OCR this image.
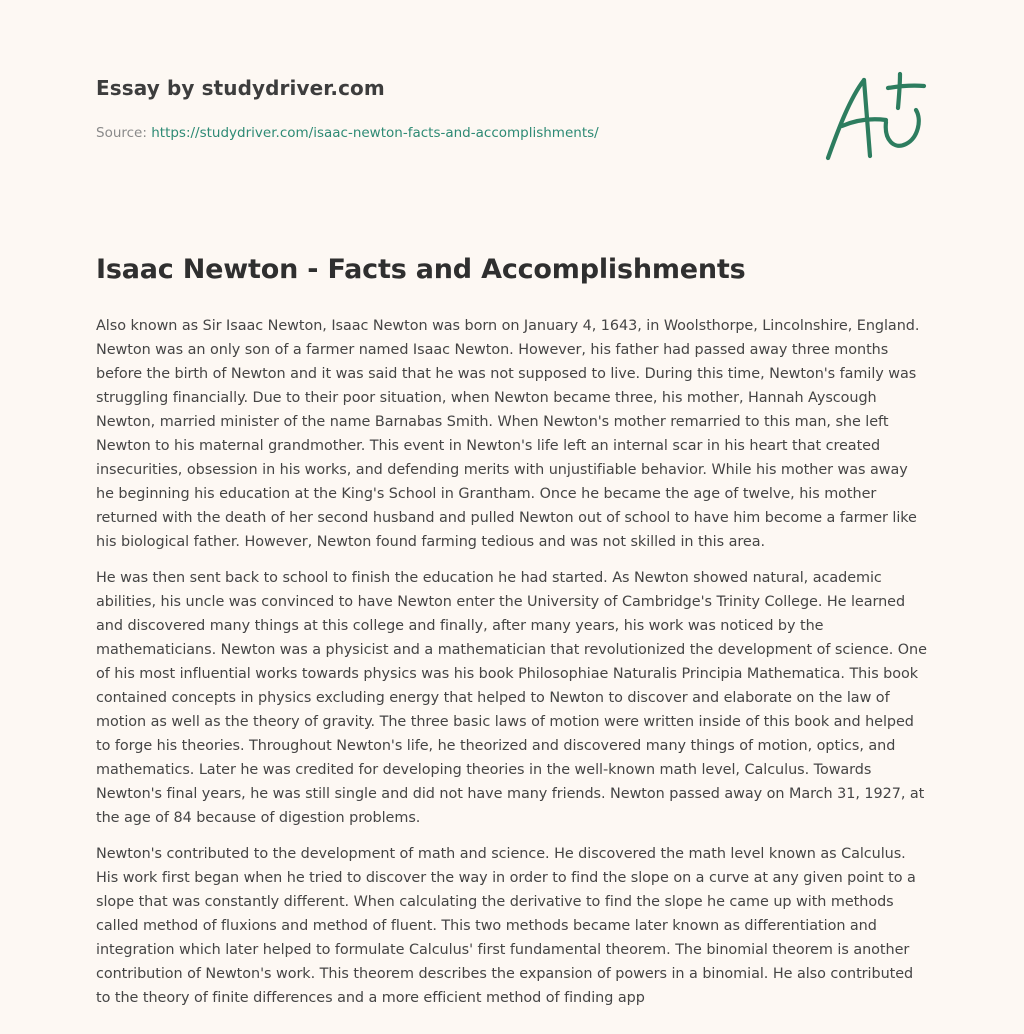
Essay by studydriver.com
Source: https://studydriver.com/isaac-newton-facts-and-accomplishments/
Isaac Newton - Facts and Accomplishments

Also known as Sir Isaac Newton, Isaac Newton was born on January 4, 1643, in Woolsthorpe, Lincolnshire, England. Newton was an only son of a farmer named Isaac Newton. However, his father had passed away three months before the birth of Newton and it was said that he was not supposed to live. During this time, Newton's family was struggling financially. Due to their poor situation, when Newton became three, his mother, Hannah Ayscough Newton, married minister of the name Barnabas Smith. When Newton's mother remarried to this man, she left Newton to his maternal grandmother. This event in Newton's life left an internal scar in his heart that created insecurities, obsession in his works, and defending merits with unjustifiable behavior. While his mother was away he beginning his education at the King's School in Grantham. Once he became the age of twelve, his mother returned with the death of her second husband and pulled Newton out of school to have him become a farmer like his biological father. However, Newton found farming tedious and was not skilled in this area.

He was then sent back to school to finish the education he had started. As Newton showed natural, academic abilities, his uncle was convinced to have Newton enter the University of Cambridge's Trinity College. He learned and discovered many things at this college and finally, after many years, his work was noticed by the mathematicians. Newton was a physicist and a mathematician that revolutionized the development of science. One of his most influential works towards physics was his book Philosophiae Naturalis Principia Mathematica. This book contained concepts in physics excluding energy that helped to Newton to discover and elaborate on the law of motion as well as the theory of gravity. The three basic laws of motion were written inside of this book and helped to forge his theories. Throughout Newton's life, he theorized and discovered many things of motion, optics, and mathematics. Later he was credited for developing theories in the well-known math level, Calculus. Towards Newton's final years, he was still single and did not have many friends. Newton passed away on March 31, 1927, at the age of 84 because of digestion problems.

Newton's contributed to the development of math and science. He discovered the math level known as Calculus. His work first began when he tried to discover the way in order to find the slope on a curve at any given point to a slope that was constantly different. When calculating the derivative to find the slope he came up with methods called method of fluxions and method of fluent. This two methods became later known as differentiation and integration which later helped to formulate Calculus' first fundamental theorem. The binomial theorem is another contribution of Newton's work. This theorem describes the expansion of powers in a binomial. He also contributed to the theory of finite differences and a more efficient method of finding app
